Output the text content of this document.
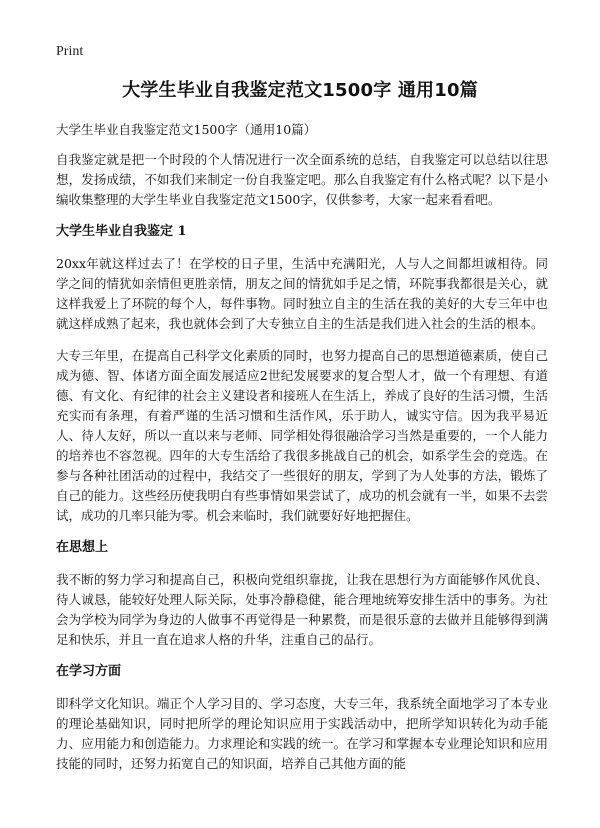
Print
大学生毕业自我鉴定范文1500字 通用10篇

大学生毕业自我鉴定范文1500字（通用10篇）

自我鉴定就是把一个时段的个人情况进行一次全面系统的总结，自我鉴定可以总结以往思想，发扬成绩，不如我们来制定一份自我鉴定吧。那么自我鉴定有什么格式呢？以下是小编收集整理的大学生毕业自我鉴定范文1500字，仅供参考，大家一起来看看吧。

大学生毕业自我鉴定 1

20xx年就这样过去了！在学校的日子里，生活中充满阳光，人与人之间都坦诚相待。同学之间的情犹如亲情但更胜亲情，朋友之间的情犹如手足之情，环院事我都很是关心，就这样我爱上了环院的每个人，每件事物。同时独立自主的生活在我的美好的大专三年中也就这样成熟了起来，我也就体会到了大专独立自主的生活是我们进入社会的生活的根本。

大专三年里，在提高自己科学文化素质的同时，也努力提高自己的思想道德素质，使自己成为德、智、体诸方面全面发展适应2世纪发展要求的复合型人才，做一个有理想、有道德、有文化、有纪律的社会主义建设者和接班人在生活上，养成了良好的生活习惯，生活充实而有条理，有着严谨的生活习惯和生活作风，乐于助人，诚实守信。因为我平易近人、待人友好，所以一直以来与老师、同学相处得很融洽学习当然是重要的，一个人能力的培养也不容忽视。四年的大专生活给了我很多挑战自己的机会，如系学生会的竞选。在参与各种社团活动的过程中，我结交了一些很好的朋友，学到了为人处事的方法，锻炼了自己的能力。这些经历使我明白有些事情如果尝试了，成功的机会就有一半，如果不去尝试，成功的几率只能为零。机会来临时，我们就要好好地把握住。

在思想上

我不断的努力学习和提高自己，积极向党组织靠拢，让我在思想行为方面能够作风优良、待人诚恳，能较好处理人际关际，处事冷静稳健，能合理地统筹安排生活中的事务。为社会为学校为同学为身边的人做事不再觉得是一种累赘，而是很乐意的去做并且能够得到满足和快乐，并且一直在追求人格的升华，注重自己的品行。

在学习方面

即科学文化知识。端正个人学习目的、学习态度，大专三年，我系统全面地学习了本专业的理论基础知识，同时把所学的理论知识应用于实践活动中，把所学知识转化为动手能力、应用能力和创造能力。力求理论和实践的统一。在学习和掌握本专业理论知识和应用技能的同时，还努力拓宽自己的知识面，培养自己其他方面的能
